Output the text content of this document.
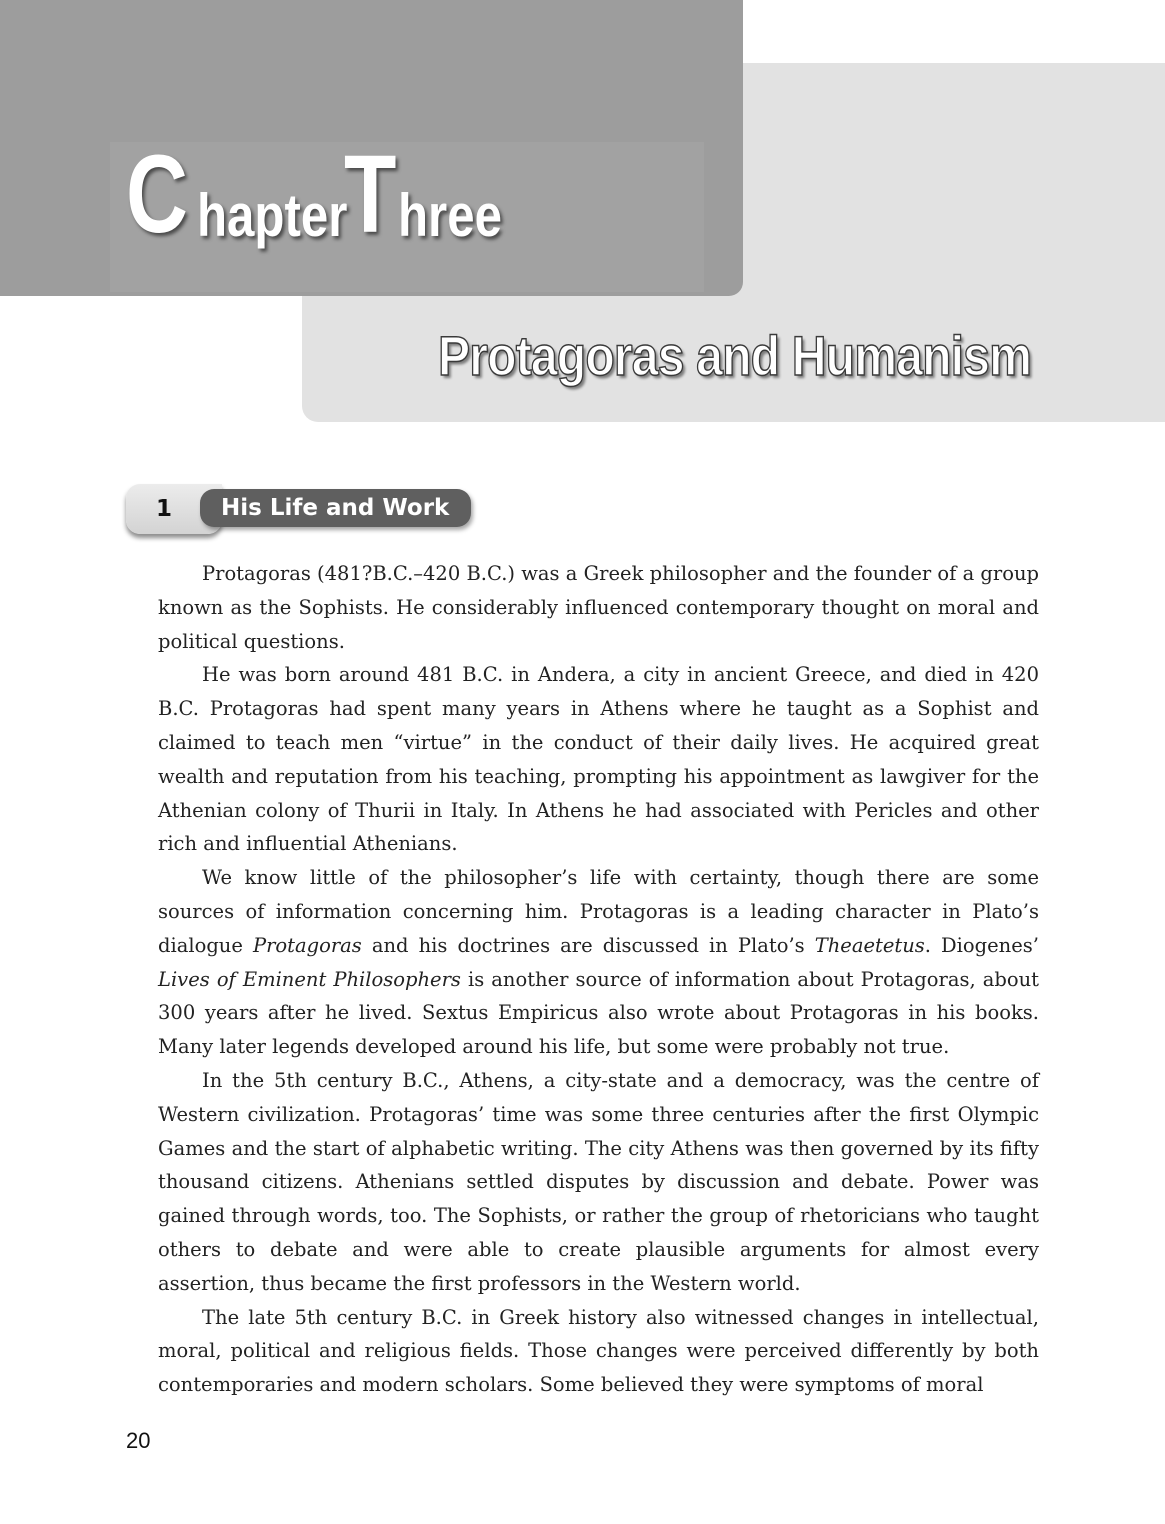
C hapter
T hree
Protagoras and Humanism
1	His Life and Work

Protagoras (481?B.C.–420 B.C.) was a Greek philosopher and the founder of a group known as the Sophists. He considerably influenced contemporary thought on moral and political questions.

He was born around 481 B.C. in Andera, a city in ancient Greece, and died in 420 B.C. Protagoras had spent many years in Athens where he taught as a Sophist and claimed to teach men “virtue” in the conduct of their daily lives. He acquired great wealth and reputation from his teaching, prompting his appointment as lawgiver for the Athenian colony of Thurii in Italy. In Athens he had associated with Pericles and other rich and influential Athenians.

We know little of the philosopher’s life with certainty, though there are some sources of information concerning him. Protagoras is a leading character in Plato’s dialogue Protagoras and his doctrines are discussed in Plato’s Theaetetus. Diogenes’ Lives of Eminent Philosophers is another source of information about Protagoras, about 300 years after he lived. Sextus Empiricus also wrote about Protagoras in his books. Many later legends developed around his life, but some were probably not true.

In the 5th century B.C., Athens, a city-state and a democracy, was the centre of Western civilization. Protagoras’ time was some three centuries after the first Olympic Games and the start of alphabetic writing. The city Athens was then governed by its fifty thousand citizens. Athenians settled disputes by discussion and debate. Power was gained through words, too. The Sophists, or rather the group of rhetoricians who taught others to debate and were able to create plausible arguments for almost every assertion, thus became the first professors in the Western world.

The late 5th century B.C. in Greek history also witnessed changes in intellectual, moral, political and religious fields. Those changes were perceived differently by both contemporaries and modern scholars. Some believed they were symptoms of moral

20
